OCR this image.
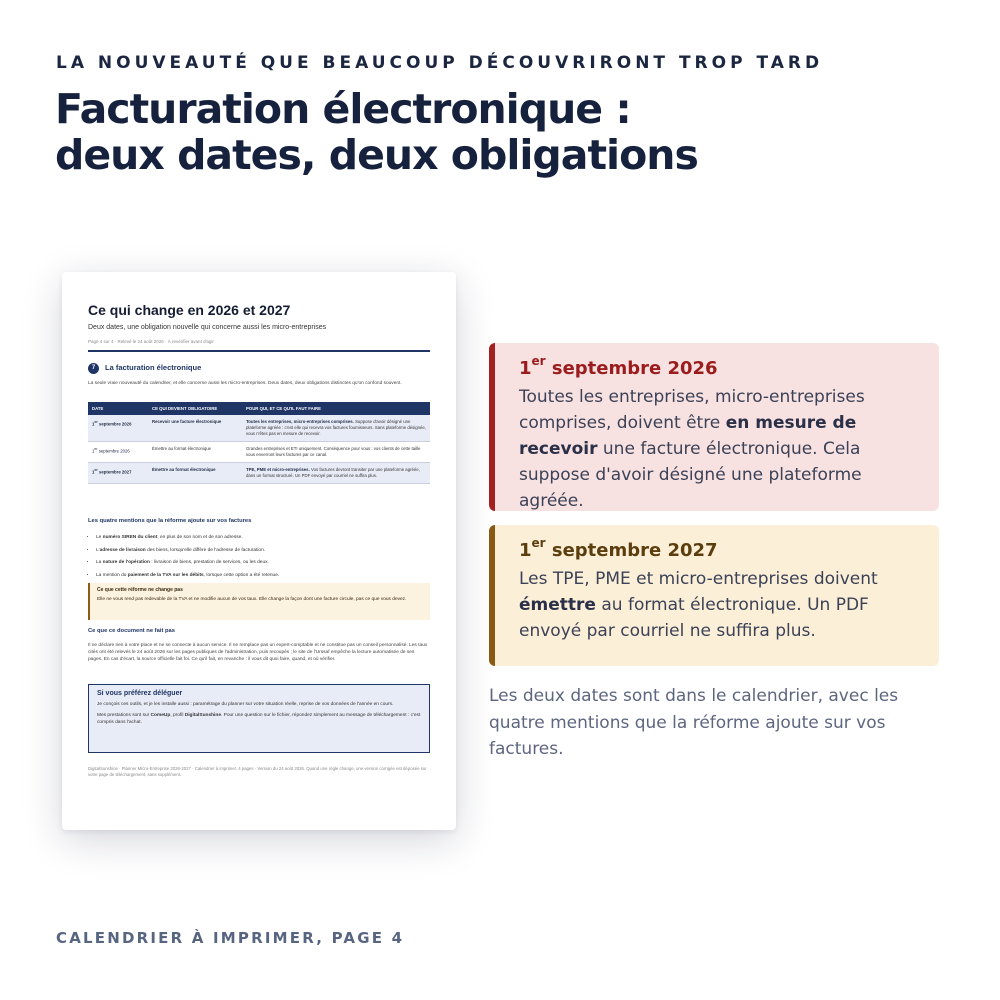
LA NOUVEAUTÉ QUE BEAUCOUP DÉCOUVRIRONT TROP TARD
Facturation électronique :
deux dates, deux obligations
Ce qui change en 2026 et 2027
Deux dates, une obligation nouvelle qui concerne aussi les micro-entreprises
Page 4 sur 4 · Relevé le 24 août 2026 · À revérifier avant d'agir
7	La facturation électronique
La seule vraie nouveauté du calendrier, et elle concerne aussi les micro-entreprises. Deux dates, deux obligations distinctes qu'on confond souvent.
DATE	CE QUI DEVIENT OBLIGATOIRE	POUR QUI, ET CE QU'IL FAUT FAIRE
1er septembre 2026	Recevoir une facture électronique	Toutes les entreprises, micro-entreprises comprises. Suppose d'avoir désigné une plateforme agréée : c'est elle qui recevra vos factures fournisseurs. Sans plateforme désignée, vous n'êtes pas en mesure de recevoir.
1er septembre 2026	Émettre au format électronique	Grandes entreprises et ETI uniquement. Conséquence pour vous : vos clients de cette taille vous enverront leurs factures par ce canal.
1er septembre 2027	Émettre au format électronique	TPE, PME et micro-entreprises. Vos factures devront transiter par une plateforme agréée, dans un format structuré. Un PDF envoyé par courriel ne suffira plus.
Les quatre mentions que la réforme ajoute sur vos factures
• Le numéro SIREN du client, en plus de son nom et de son adresse.
• L'adresse de livraison des biens, lorsqu'elle diffère de l'adresse de facturation.
• La nature de l'opération : livraison de biens, prestation de services, ou les deux.
• La mention du paiement de la TVA sur les débits, lorsque cette option a été retenue.
Ce que cette réforme ne change pas
Elle ne vous rend pas redevable de la TVA et ne modifie aucun de vos taux. Elle change la façon dont une facture circule, pas ce que vous devez.
Ce que ce document ne fait pas
Il ne déclare rien à votre place et ne se connecte à aucun service. Il ne remplace pas un expert-comptable et ne constitue pas un conseil personnalisé. Les taux cités ont été relevés le 24 août 2026 sur les pages publiques de l'administration, puis recoupés ; le site de l'Urssaf empêche la lecture automatisée de ses pages. En cas d'écart, la source officielle fait foi. Ce qu'il fait, en revanche : il vous dit quoi faire, quand, et où vérifier.
Si vous préférez déléguer
Je conçois ces outils, et je les installe aussi : paramétrage du planner sur votre situation réelle, reprise de vos données de l'année en cours.
Mes prestations sont sur ComeUp, profil DigitalSunshine. Pour une question sur le fichier, répondez simplement au message de téléchargement : c'est compris dans l'achat.
DigitalSunshine · Planner Micro-Entreprise 2026-2027 · Calendrier à imprimer, 4 pages · Version du 24 août 2026. Quand une règle change, une version corrigée est déposée sur votre page de téléchargement, sans supplément.
1er septembre 2026
Toutes les entreprises, micro-entreprises comprises, doivent être en mesure de recevoir une facture électronique. Cela suppose d'avoir désigné une plateforme agréée.
1er septembre 2027
Les TPE, PME et micro-entreprises doivent émettre au format électronique. Un PDF envoyé par courriel ne suffira plus.
Les deux dates sont dans le calendrier, avec les quatre mentions que la réforme ajoute sur vos factures.
CALENDRIER À IMPRIMER, PAGE 4
